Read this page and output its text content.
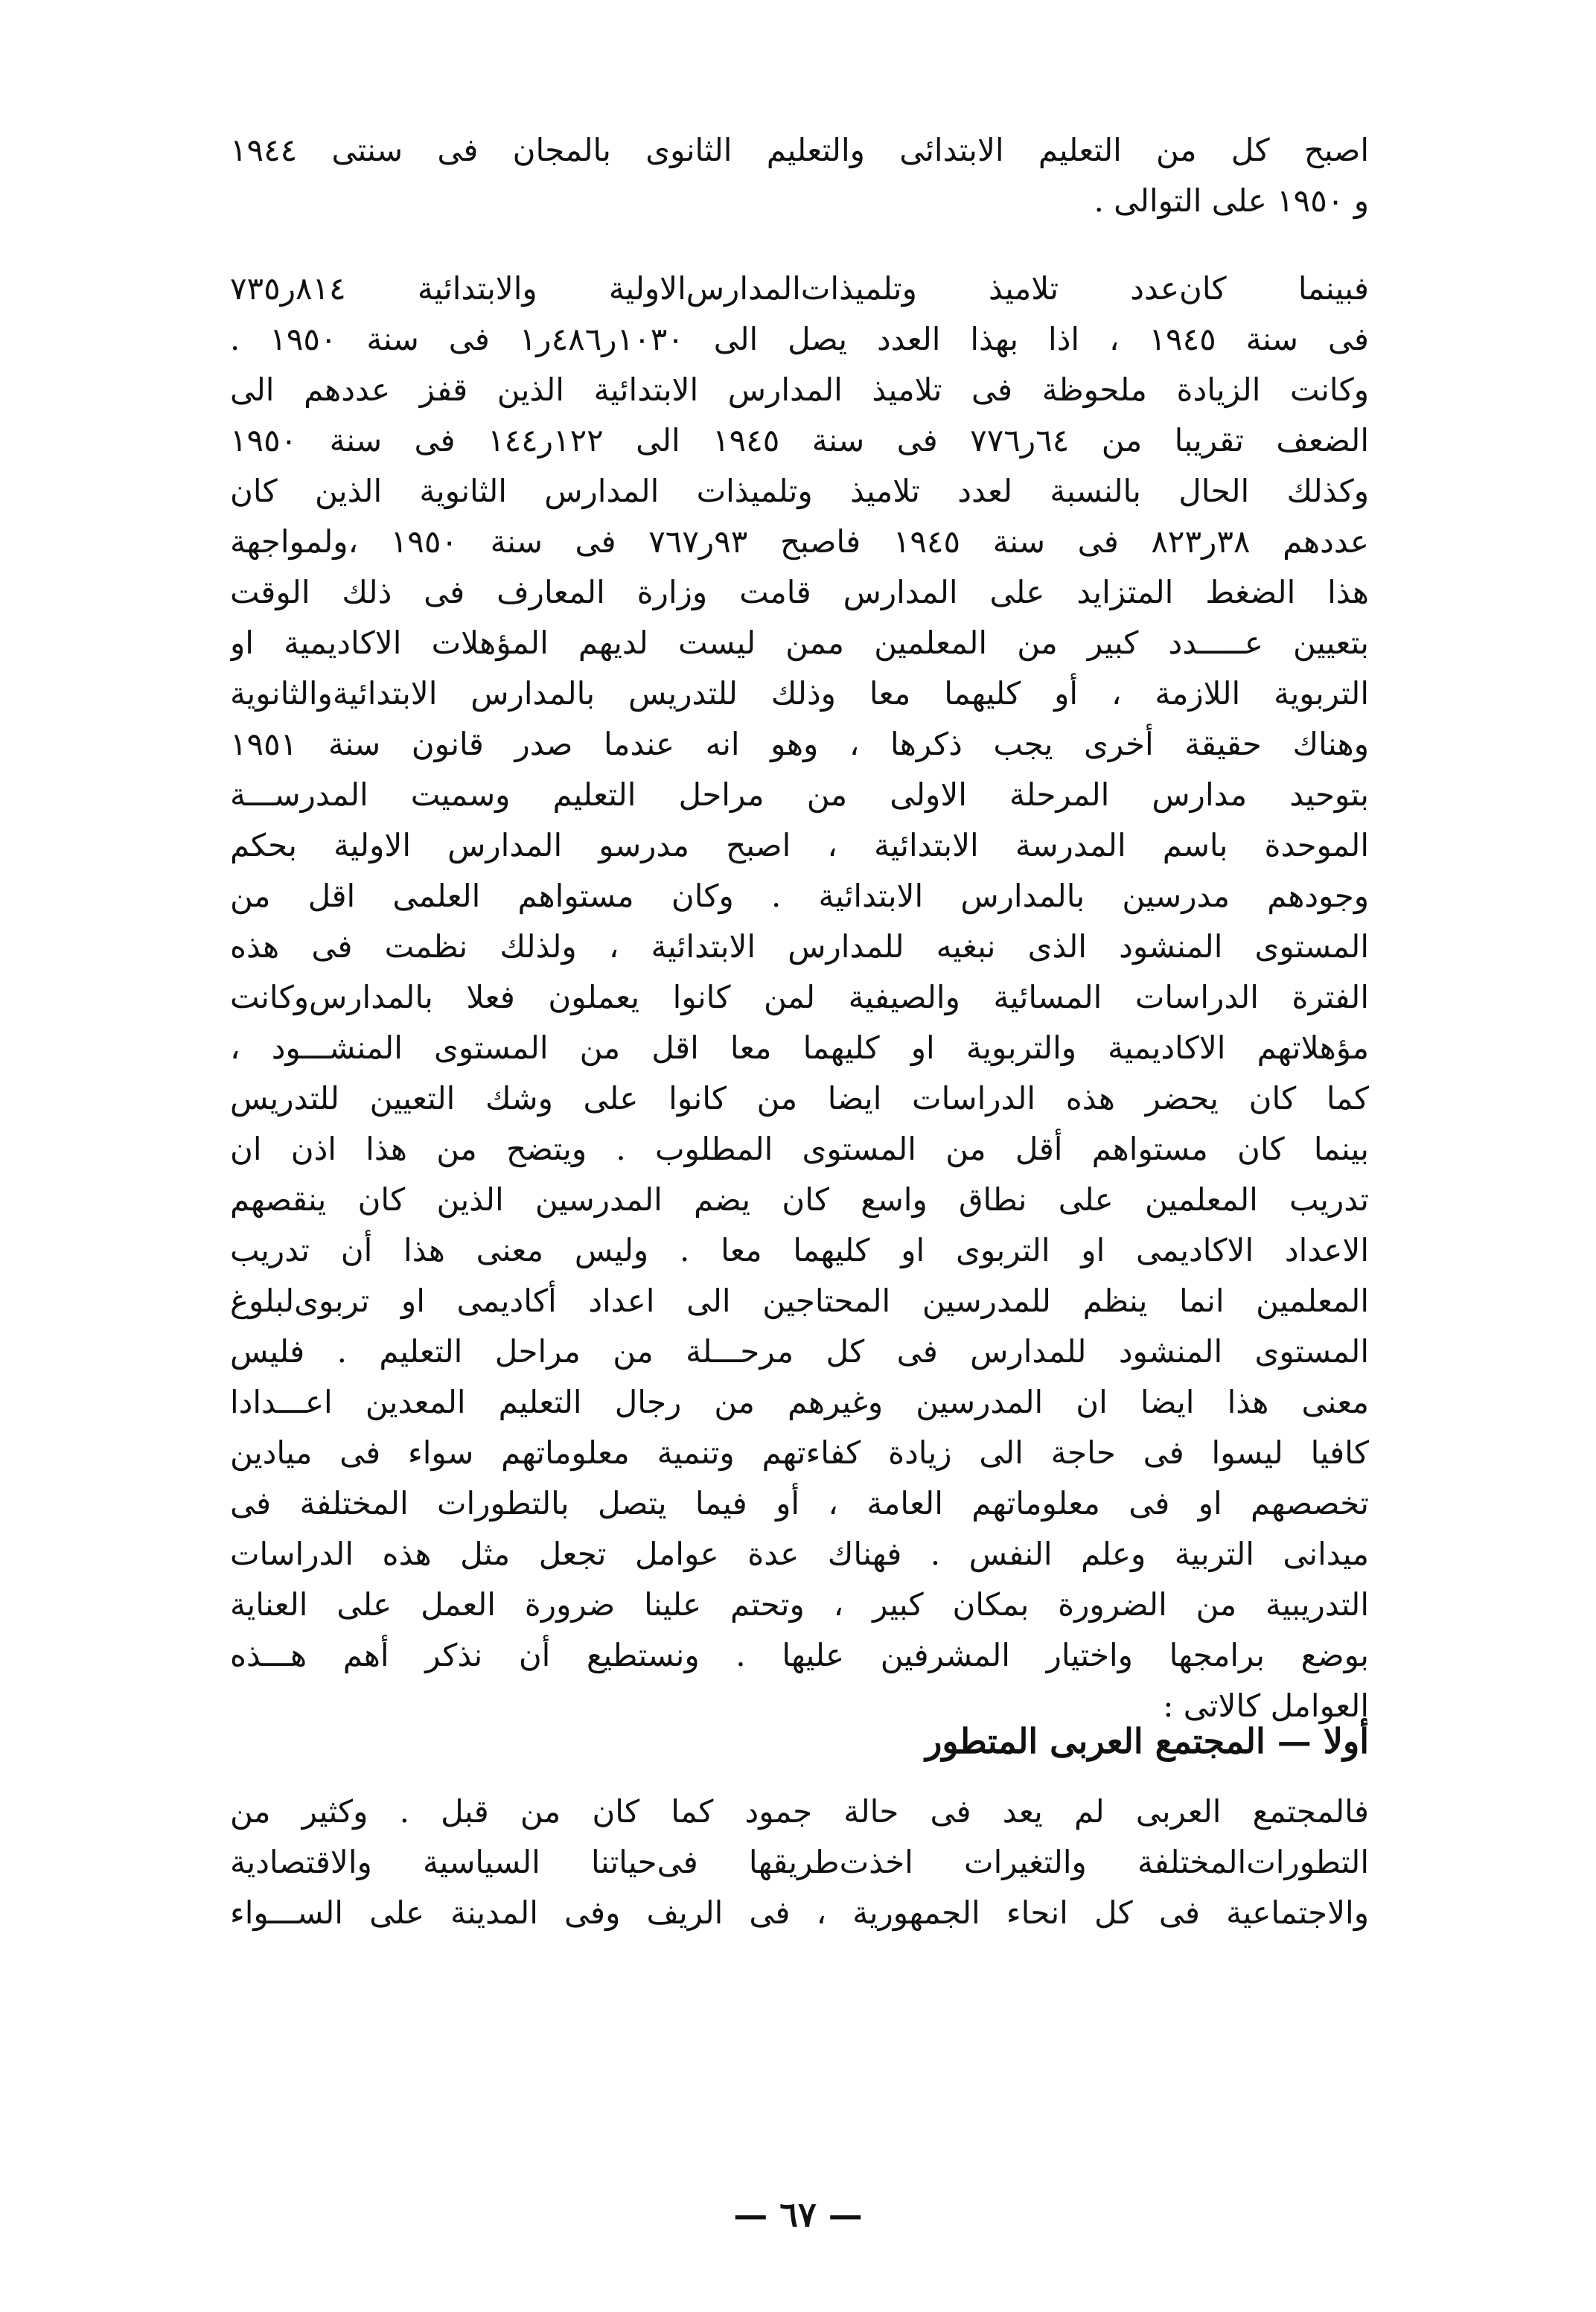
اصبح كل من التعليم الابتدائى والتعليم الثانوى بالمجان فى سنتى ١٩٤٤
و ١٩٥٠ على التوالى .
فبينما كان‌عدد تلاميذ وتلميذات‌المدارس‌الاولية والابتدائية ٨١٤ر٧٣٥
فى سنة ١٩٤٥ ، اذا بهذا العدد يصل الى ١٠٣٠ر٤٨٦ر١ فى سنة ١٩٥٠ .
وكانت الزيادة ملحوظة فى تلاميذ المدارس الابتدائية الذين قفز عددهم الى
الضعف تقريبا من ٦٤ر٧٧٦ فى سنة ١٩٤٥ الى ١٢٢ر١٤٤ فى سنة ١٩٥٠
وكذلك الحال بالنسبة لعدد تلاميذ وتلميذات المدارس الثانوية الذين كان
عددهم ٣٨ر٨٢٣ فى سنة ١٩٤٥ فاصبح ٩٣ر٧٦٧ فى سنة ١٩٥٠ ،ولمواجهة
هذا الضغط المتزايد على المدارس قامت وزارة المعارف فى ذلك الوقت
بتعيين عـــــدد كبير من المعلمين ممن ليست لديهم المؤهلات الاكاديمية او
التربوية اللازمة ، أو كليهما معا وذلك للتدريس بالمدارس الابتدائية‌والثانوية
وهناك حقيقة أخرى يجب ذكرها ، وهو انه عندما صدر قانون سنة ١٩٥١
بتوحيد مدارس المرحلة الاولى من مراحل التعليم وسميت المدرســـة
الموحدة باسم المدرسة الابتدائية ، اصبح مدرسو المدارس الاولية بحكم
وجودهم مدرسين بالمدارس الابتدائية . وكان مستواهم العلمى اقل من
المستوى المنشود الذى نبغيه للمدارس الابتدائية ، ولذلك نظمت فى هذه
الفترة الدراسات المسائية والصيفية لمن كانوا يعملون فعلا بالمدارس‌وكانت
مؤهلاتهم الاكاديمية والتربوية او كليهما معا اقل من المستوى المنشـــود ،
كما كان يحضر هذه الدراسات ايضا من كانوا على وشك التعيين للتدريس
بينما كان مستواهم أقل من المستوى المطلوب . ويتضح من هذا اذن ان
تدريب المعلمين على نطاق واسع كان يضم المدرسين الذين كان ينقصهم
الاعداد الاكاديمى او التربوى او كليهما معا . وليس معنى هذا أن تدريب
المعلمين انما ينظم للمدرسين المحتاجين الى اعداد أكاديمى او تربوى‌لبلوغ
المستوى المنشود للمدارس فى كل مرحـــلة من مراحل التعليم . فليس
معنى هذا ايضا ان المدرسين وغيرهم من رجال التعليم المعدين اعـــدادا
كافيا ليسوا فى حاجة الى زيادة كفاءتهم وتنمية معلوماتهم سواء فى ميادين
تخصصهم او فى معلوماتهم العامة ، أو فيما يتصل بالتطورات المختلفة فى
ميدانى التربية وعلم النفس . فهناك عدة عوامل تجعل مثل هذه الدراسات
التدريبية من الضرورة بمكان كبير ، وتحتم علينا ضرورة العمل على العناية
بوضع برامجها واختيار المشرفين عليها . ونستطيع أن نذكر أهم هـــذه
العوامل كالاتى :
أولا — المجتمع العربى المتطور
فالمجتمع العربى لم يعد فى حالة جمود كما كان من قبل . وكثير من
التطورات‌المختلفة والتغيرات اخذت‌طريقها فى‌حياتنا السياسية والاقتصادية
والاجتماعية فى كل انحاء الجمهورية ، فى الريف وفى المدينة على الســـواء
— ٦٧ —
